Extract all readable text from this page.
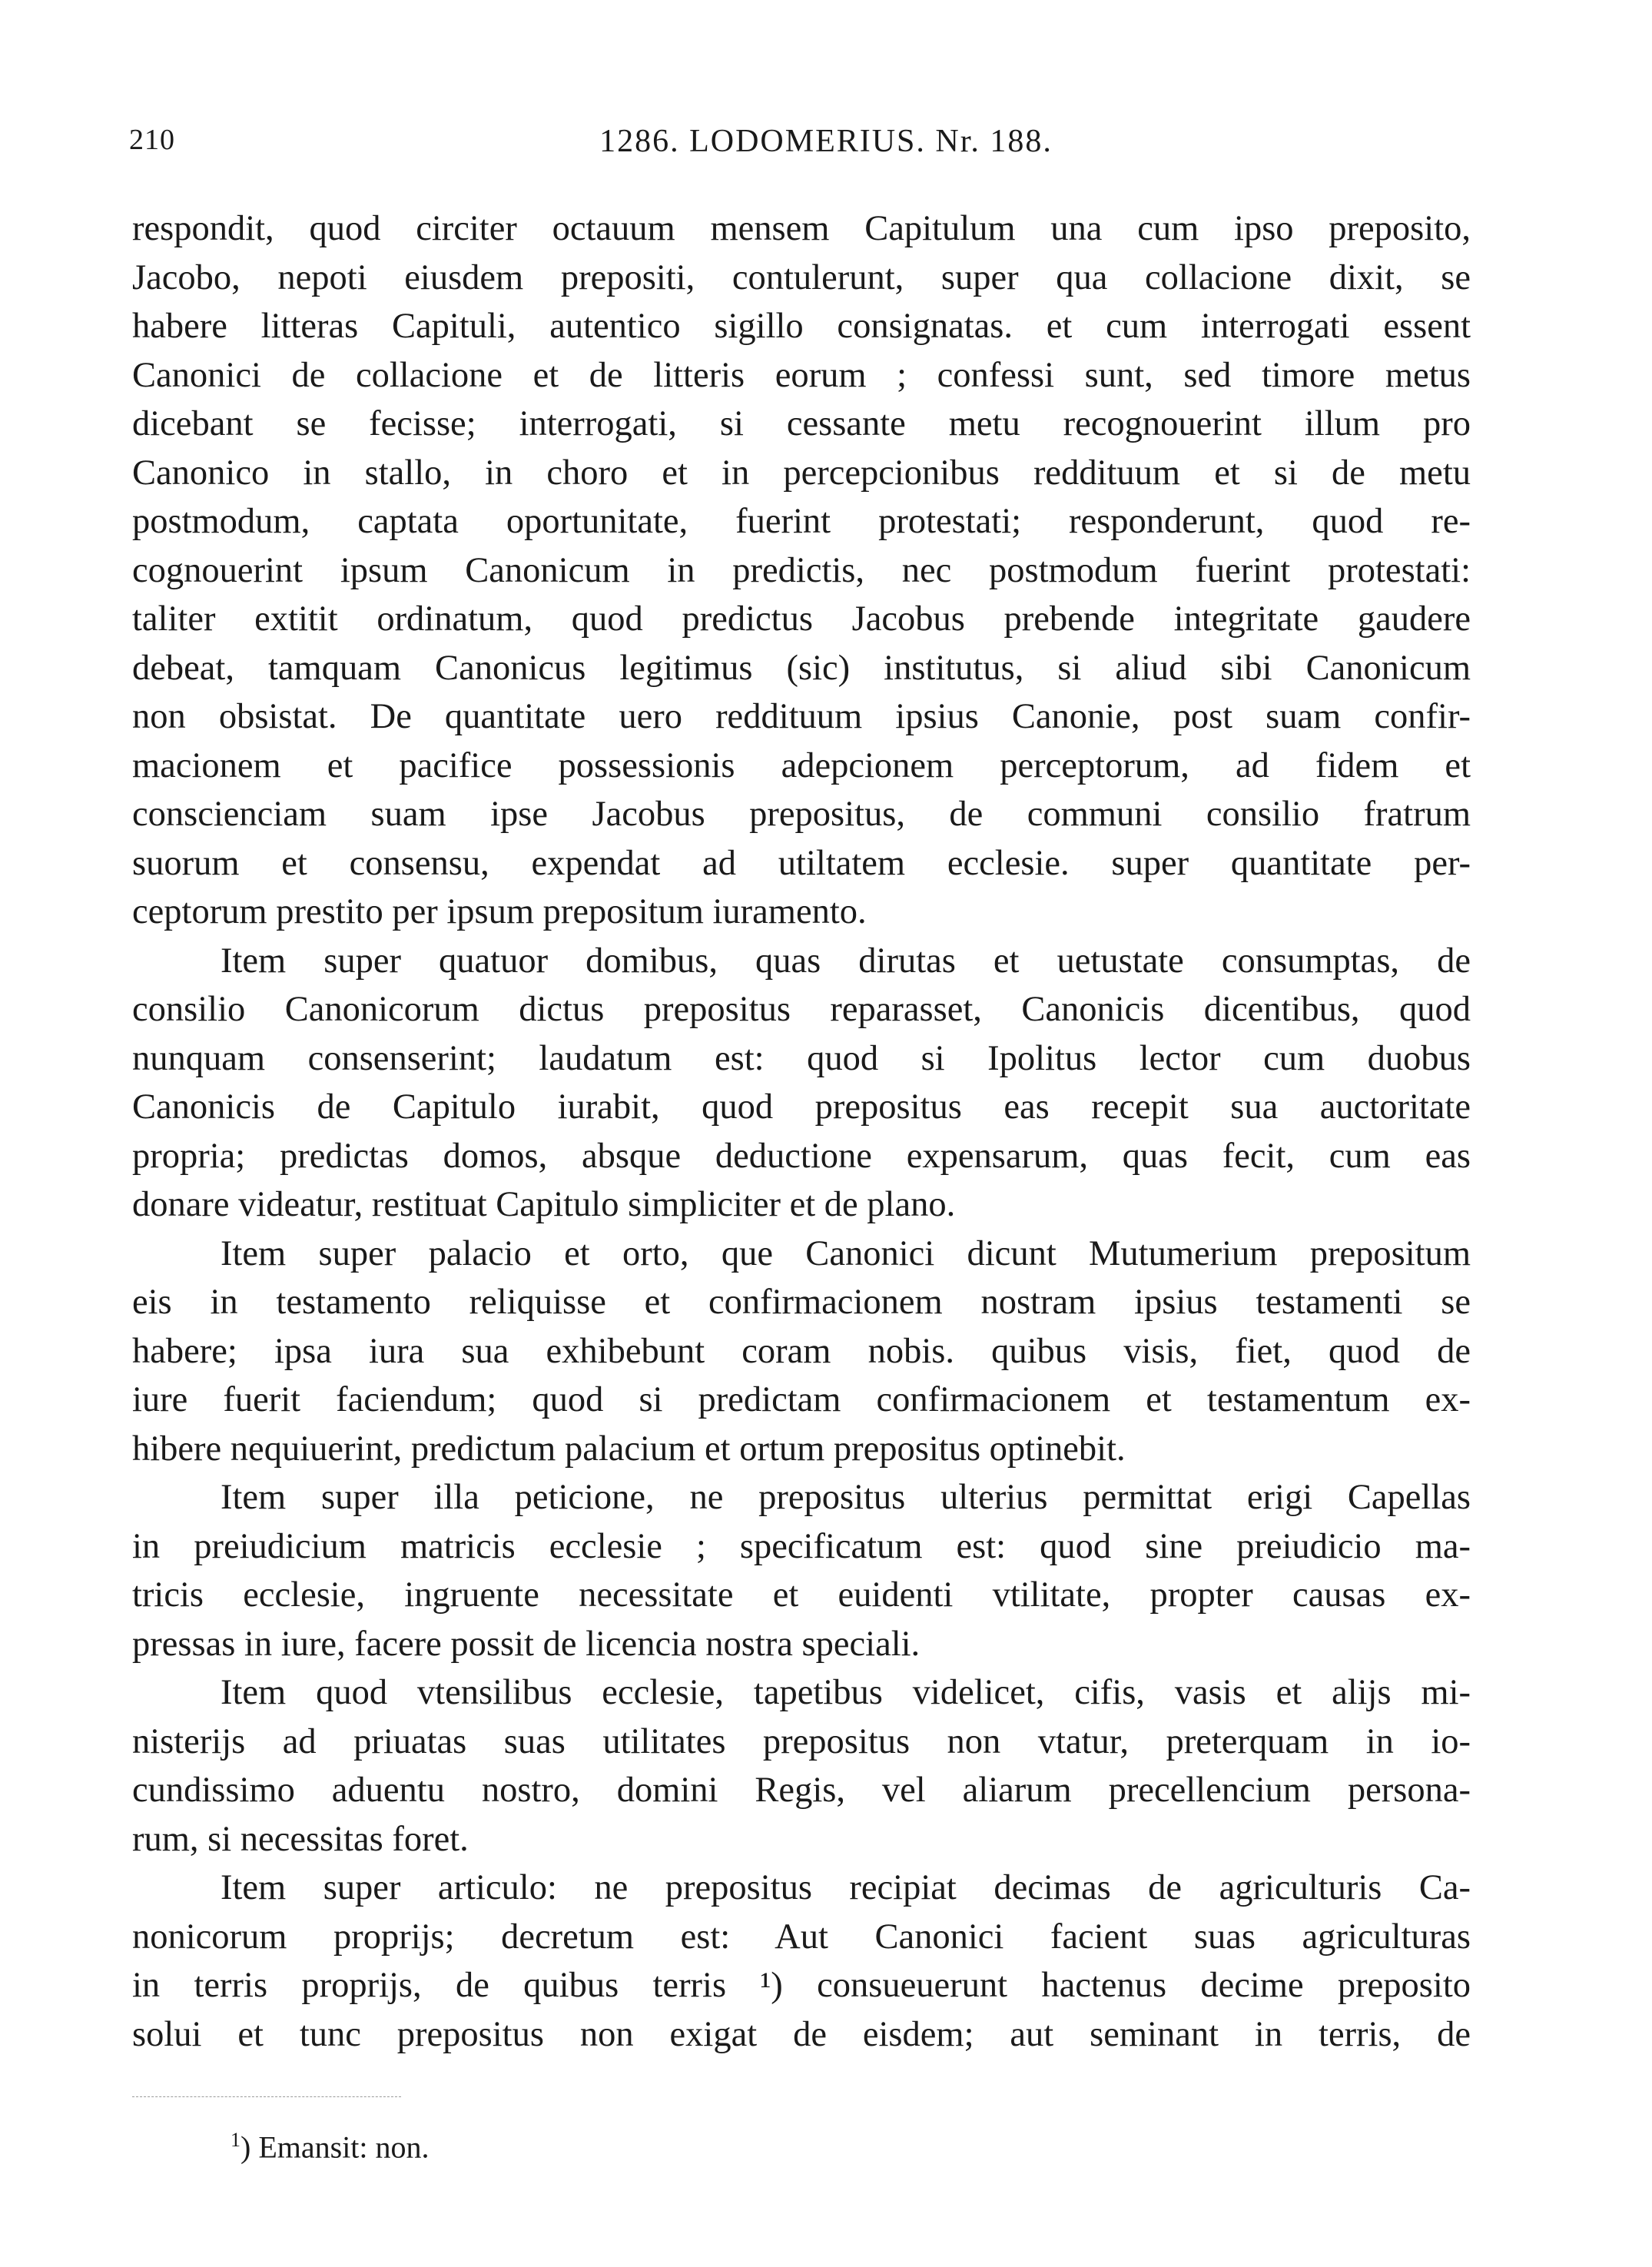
210	1286. LODOMERIUS. Nr. 188.
respondit, quod circiter octauum mensem Capitulum una cum ipso preposito,
Jacobo, nepoti eiusdem prepositi, contulerunt, super qua collacione dixit, se
habere litteras Capituli, autentico sigillo consignatas. et cum interrogati essent
Canonici de collacione et de litteris eorum ; confessi sunt, sed timore metus
dicebant se fecisse; interrogati, si cessante metu recognouerint illum pro
Canonico in stallo, in choro et in percepcionibus reddituum et si de metu
postmodum, captata oportunitate, fuerint protestati; responderunt, quod re-
cognouerint ipsum Canonicum in predictis, nec postmodum fuerint protestati:
taliter extitit ordinatum, quod predictus Jacobus prebende integritate gaudere
debeat, tamquam Canonicus legitimus (sic) institutus, si aliud sibi Canonicum
non obsistat. De quantitate uero reddituum ipsius Canonie, post suam confir-
macionem et pacifice possessionis adepcionem perceptorum, ad fidem et
conscienciam suam ipse Jacobus prepositus, de communi consilio fratrum
suorum et consensu, expendat ad utiltatem ecclesie. super quantitate per-
ceptorum prestito per ipsum prepositum iuramento.
Item super quatuor domibus, quas dirutas et uetustate consumptas, de
consilio Canonicorum dictus prepositus reparasset, Canonicis dicentibus, quod
nunquam consenserint; laudatum est: quod si Ipolitus lector cum duobus
Canonicis de Capitulo iurabit, quod prepositus eas recepit sua auctoritate
propria; predictas domos, absque deductione expensarum, quas fecit, cum eas
donare videatur, restituat Capitulo simpliciter et de plano.
Item super palacio et orto, que Canonici dicunt Mutumerium prepositum
eis in testamento reliquisse et confirmacionem nostram ipsius testamenti se
habere; ipsa iura sua exhibebunt coram nobis. quibus visis, fiet, quod de
iure fuerit faciendum; quod si predictam confirmacionem et testamentum ex-
hibere nequiuerint, predictum palacium et ortum prepositus optinebit.
Item super illa peticione, ne prepositus ulterius permittat erigi Capellas
in preiudicium matricis ecclesie ; specificatum est: quod sine preiudicio ma-
tricis ecclesie, ingruente necessitate et euidenti vtilitate, propter causas ex-
pressas in iure, facere possit de licencia nostra speciali.
Item quod vtensilibus ecclesie, tapetibus videlicet, cifis, vasis et alijs mi-
nisterijs ad priuatas suas utilitates prepositus non vtatur, preterquam in io-
cundissimo aduentu nostro, domini Regis, vel aliarum precellencium persona-
rum, si necessitas foret.
Item super articulo: ne prepositus recipiat decimas de agriculturis Ca-
nonicorum proprijs; decretum est: Aut Canonici facient suas agriculturas
in terris proprijs, de quibus terris ¹) consueuerunt hactenus decime preposito
solui et tunc prepositus non exigat de eisdem; aut seminant in terris, de
$^1$) Emansit: non.
